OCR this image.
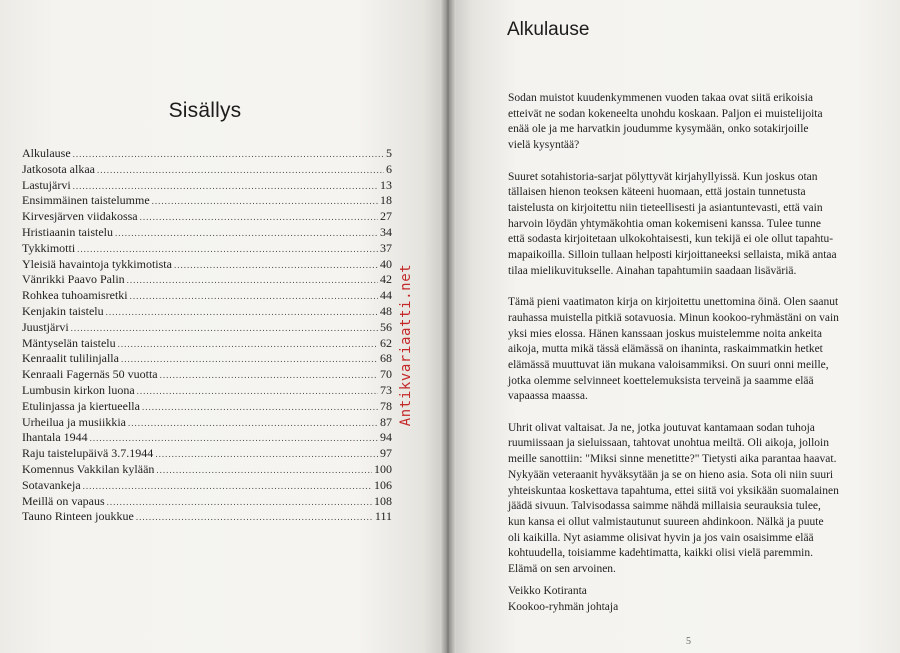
Sisällys
Alkulause .....	5
Jatkosota alkaa .....	6
Lastujärvi .....	13
Ensimmäinen taistelumme .....	18
Kirvesjärven viidakossa .....	27
Hristiaanin taistelu .....	34
Tykkimotti .....	37
Yleisiä havaintoja tykkimotista .....	40
Vänrikki Paavo Palin .....	42
Rohkea tuhoamisretki .....	44
Kenjakin taistelu .....	48
Juustjärvi .....	56
Mäntyselän taistelu .....	62
Kenraalit tulilinjalla .....	68
Kenraali Fagernäs 50 vuotta .....	70
Lumbusin kirkon luona .....	73
Etulinjassa ja kiertueella .....	78
Urheilua ja musiikkia .....	87
Ihantala 1944 .....	94
Raju taistelupäivä 3.7.1944 .....	97
Komennus Vakkilan kylään .....	100
Sotavankeja .....	106
Meillä on vapaus .....	108
Tauno Rinteen joukkue .....	111
Antikvariaatti.net
Alkulause

Sodan muistot kuudenkymmenen vuoden takaa ovat siitä erikoisia
etteivät ne sodan kokeneelta unohdu koskaan. Paljon ei muistelijoita
enää ole ja me harvatkin joudumme kysymään, onko sotakirjoille
vielä kysyntää?

Suuret sotahistoria-sarjat pölyttyvät kirjahyllyissä. Kun joskus otan
tällaisen hienon teoksen käteeni huomaan, että jostain tunnetusta
taistelusta on kirjoitettu niin tieteellisesti ja asiantuntevasti, että vain
harvoin löydän yhtymäkohtia oman kokemiseni kanssa. Tulee tunne
että sodasta kirjoitetaan ulkokohtaisesti, kun tekijä ei ole ollut tapahtu-
mapaikoilla. Silloin tullaan helposti kirjoittaneeksi sellaista, mikä antaa
tilaa mielikuvitukselle. Ainahan tapahtumiin saadaan lisäväriä.

Tämä pieni vaatimaton kirja on kirjoitettu unettomina öinä. Olen saanut
rauhassa muistella pitkiä sotavuosia. Minun kookoo-ryhmästäni on vain
yksi mies elossa. Hänen kanssaan joskus muistelemme noita ankeita
aikoja, mutta mikä tässä elämässä on ihaninta, raskaimmatkin hetket
elämässä muuttuvat iän mukana valoisammiksi. On suuri onni meille,
jotka olemme selvinneet koettelemuksista terveinä ja saamme elää
vapaassa maassa.

Uhrit olivat valtaisat. Ja ne, jotka joutuvat kantamaan sodan tuhoja
ruumiissaan ja sieluissaan, tahtovat unohtua meiltä. Oli aikoja, jolloin
meille sanottiin: "Miksi sinne menetitte?" Tietysti aika parantaa haavat.
Nykyään veteraanit hyväksytään ja se on hieno asia. Sota oli niin suuri
yhteiskuntaa koskettava tapahtuma, ettei siitä voi yksikään suomalainen
jäädä sivuun. Talvisodassa saimme nähdä millaisia seurauksia tulee,
kun kansa ei ollut valmistautunut suureen ahdinkoon. Nälkä ja puute
oli kaikilla. Nyt asiamme olisivat hyvin ja jos vain osaisimme elää
kohtuudella, toisiamme kadehtimatta, kaikki olisi vielä paremmin.
Elämä on sen arvoinen.

Veikko Kotiranta
Kookoo-ryhmän johtaja
5
